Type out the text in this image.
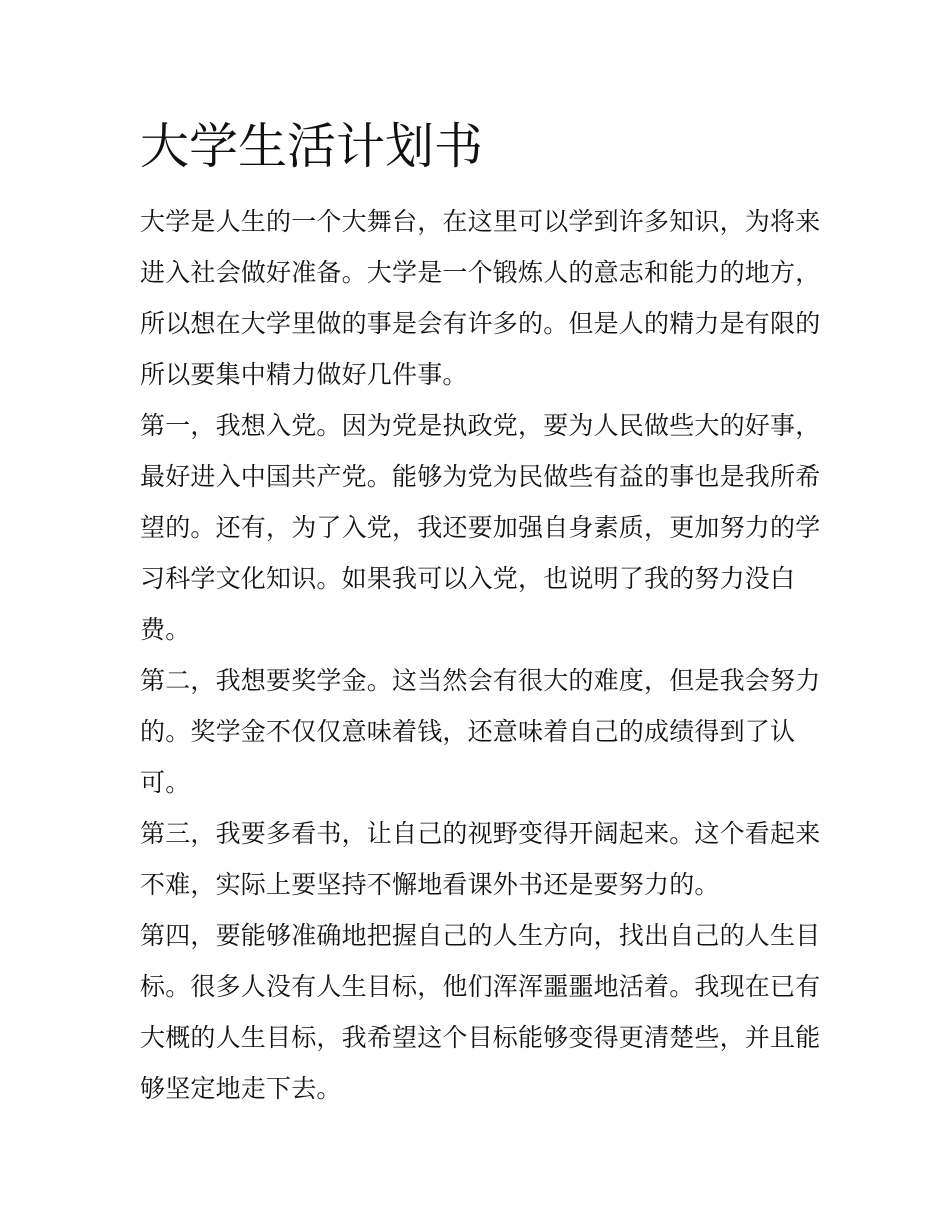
大学生活计划书

大学是人生的一个大舞台，在这里可以学到许多知识，为将来
进入社会做好准备。大学是一个锻炼人的意志和能力的地方，
所以想在大学里做的事是会有许多的。但是人的精力是有限的
所以要集中精力做好几件事。

第一，我想入党。因为党是执政党，要为人民做些大的好事，
最好进入中国共产党。能够为党为民做些有益的事也是我所希
望的。还有，为了入党，我还要加强自身素质，更加努力的学
习科学文化知识。如果我可以入党，也说明了我的努力没白
费。

第二，我想要奖学金。这当然会有很大的难度，但是我会努力
的。奖学金不仅仅意味着钱，还意味着自己的成绩得到了认
可。

第三，我要多看书，让自己的视野变得开阔起来。这个看起来
不难，实际上要坚持不懈地看课外书还是要努力的。

第四，要能够准确地把握自己的人生方向，找出自己的人生目
标。很多人没有人生目标，他们浑浑噩噩地活着。我现在已有
大概的人生目标，我希望这个目标能够变得更清楚些，并且能
够坚定地走下去。
